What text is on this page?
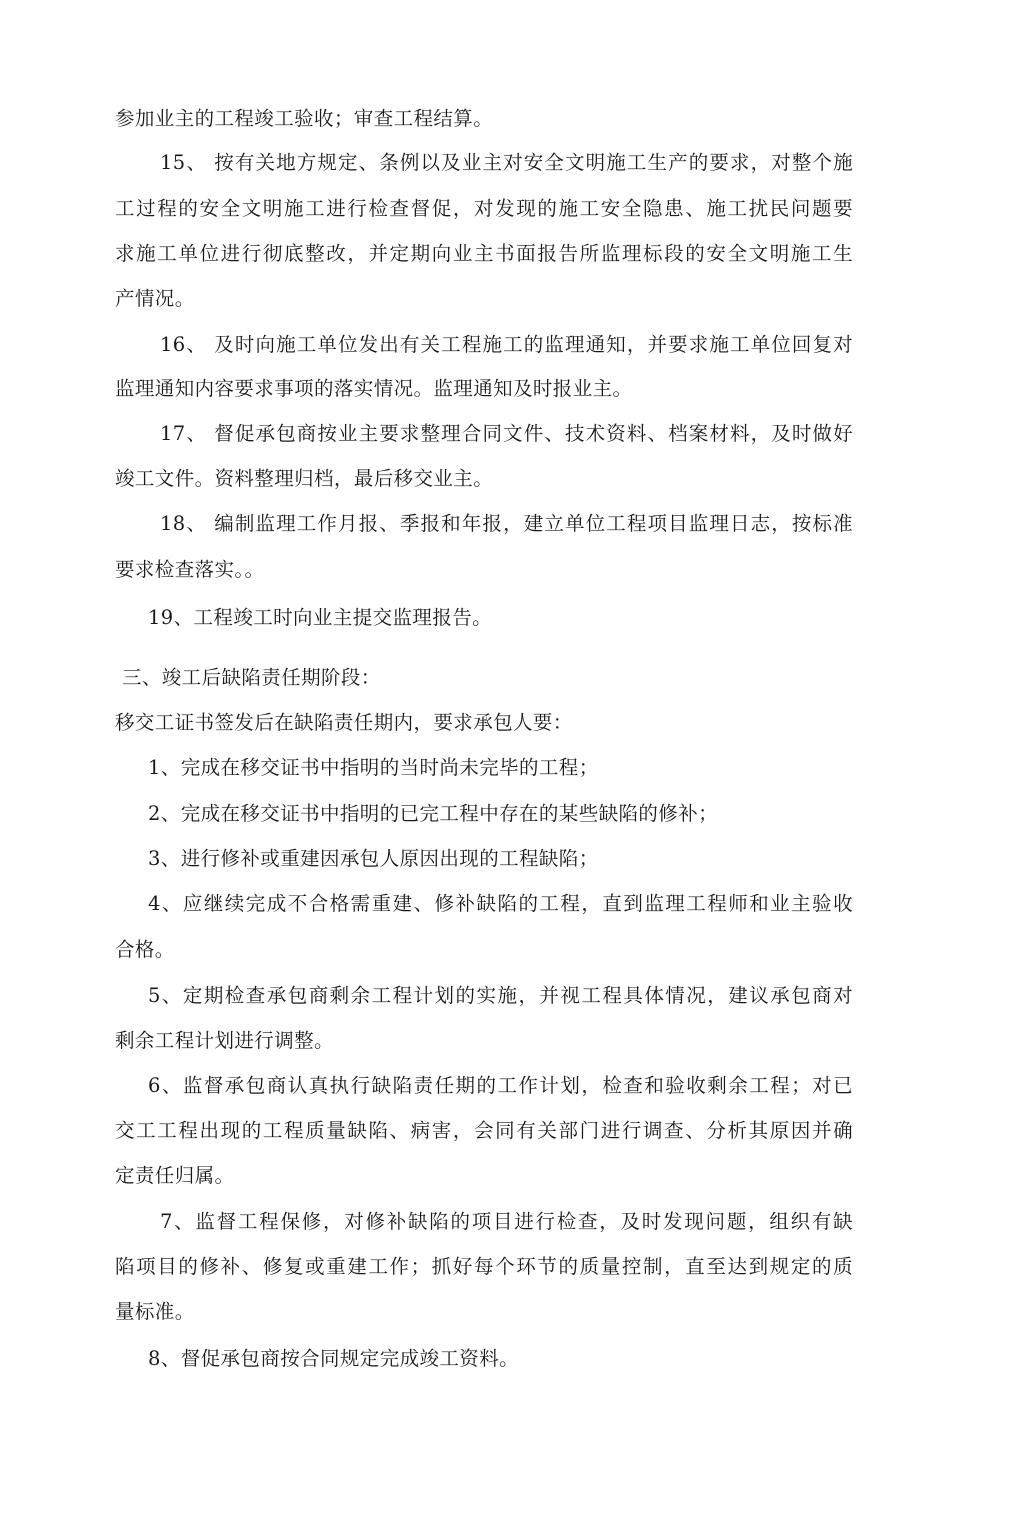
参加业主的工程竣工验收；审查工程结算。

15、 按有关地方规定、条例以及业主对安全文明施工生产的要求，对整个施

工过程的安全文明施工进行检查督促，对发现的施工安全隐患、施工扰民问题要

求施工单位进行彻底整改，并定期向业主书面报告所监理标段的安全文明施工生

产情况。

16、 及时向施工单位发出有关工程施工的监理通知，并要求施工单位回复对

监理通知内容要求事项的落实情况。监理通知及时报业主。

17、 督促承包商按业主要求整理合同文件、技术资料、档案材料，及时做好

竣工文件。资料整理归档，最后移交业主。

18、 编制监理工作月报、季报和年报，建立单位工程项目监理日志，按标准

要求检查落实。。

19、工程竣工时向业主提交监理报告。

三、竣工后缺陷责任期阶段：

移交工证书签发后在缺陷责任期内，要求承包人要：

1、完成在移交证书中指明的当时尚未完毕的工程；

2、完成在移交证书中指明的已完工程中存在的某些缺陷的修补；

3、进行修补或重建因承包人原因出现的工程缺陷；

4、应继续完成不合格需重建、修补缺陷的工程，直到监理工程师和业主验收

合格。

5、定期检查承包商剩余工程计划的实施，并视工程具体情况，建议承包商对

剩余工程计划进行调整。

6、监督承包商认真执行缺陷责任期的工作计划，检查和验收剩余工程；对已

交工工程出现的工程质量缺陷、病害，会同有关部门进行调查、分析其原因并确

定责任归属。

7、监督工程保修，对修补缺陷的项目进行检查，及时发现问题，组织有缺

陷项目的修补、修复或重建工作；抓好每个环节的质量控制，直至达到规定的质

量标准。

8、督促承包商按合同规定完成竣工资料。
